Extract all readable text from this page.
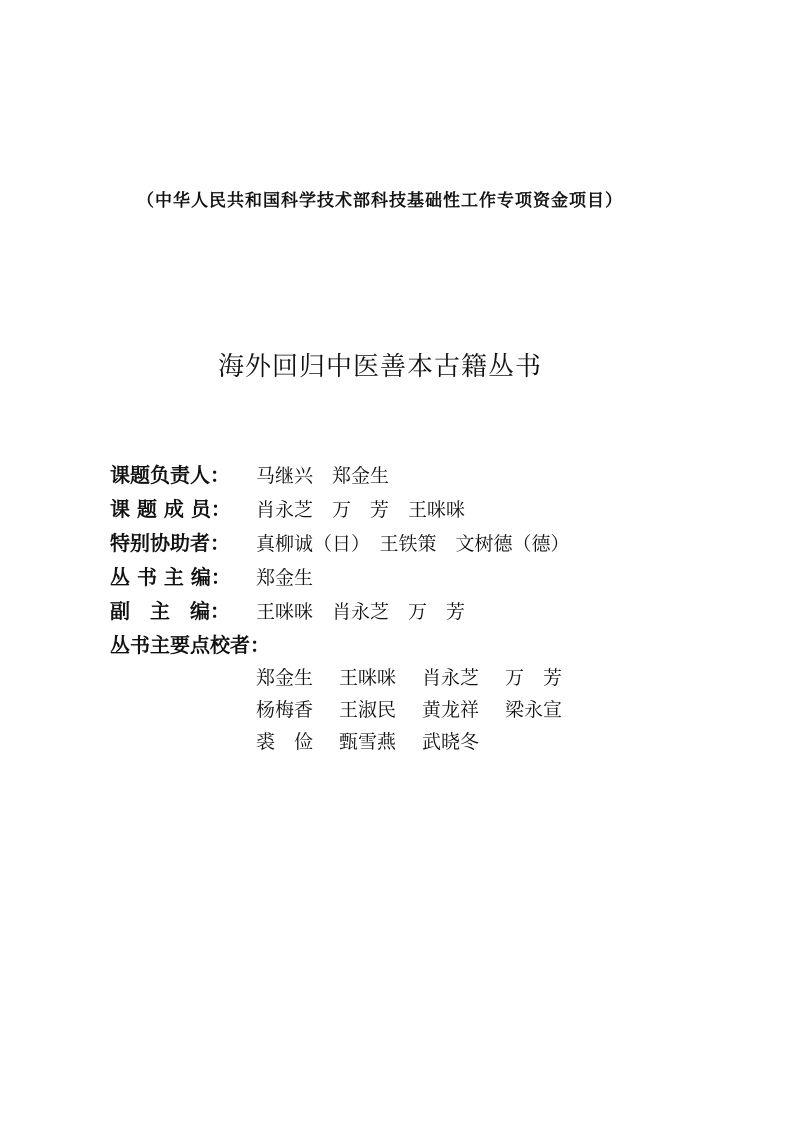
（中华人民共和国科学技术部科技基础性工作专项资金项目）
海外回归中医善本古籍丛书
课题负责人： 马继兴　郑金生
课 题 成 员： 肖永芝　万　芳　王咪咪
特别协助者： 真柳诚（日）　王铁策　文树德（德）
丛 书 主 编： 郑金生
副　主　编： 王咪咪　肖永芝　万　芳
丛书主要点校者：
郑金生 王咪咪 肖永芝 万　芳
杨梅香 王淑民 黄龙祥 梁永宣
裘　俭 甄雪燕 武晓冬
